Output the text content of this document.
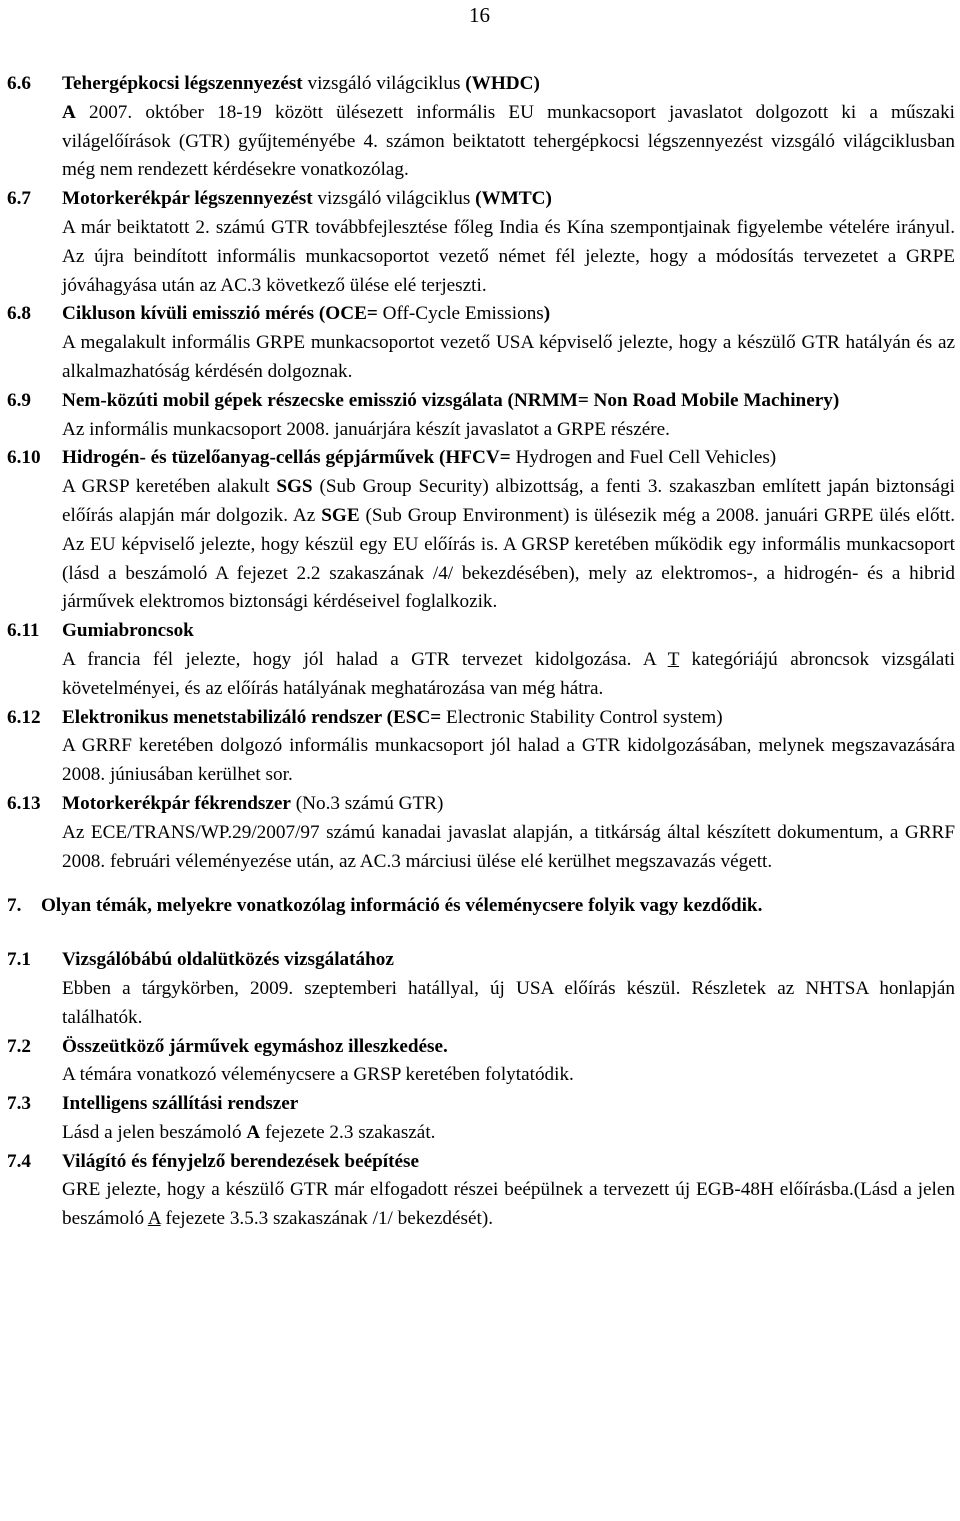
16
6.6 Tehergépkocsi légszennyezést vizsgáló világciklus (WHDC)

A 2007. október 18-19 között ülésezett informális EU munkacsoport javaslatot dolgozott ki a műszaki világelőírások (GTR) gyűjteményébe 4. számon beiktatott tehergépkocsi légszennyezést vizsgáló világciklusban még nem rendezett kérdésekre vonatkozólag.

6.7 Motorkerékpár légszennyezést vizsgáló világciklus (WMTC)

A már beiktatott 2. számú GTR továbbfejlesztése főleg India és Kína szempontjainak figyelembe vételére irányul. Az újra beindított informális munkacsoportot vezető német fél jelezte, hogy a módosítás tervezetet a GRPE jóváhagyása után az AC.3 következő ülése elé terjeszti.

6.8 Cikluson kívüli emisszió mérés (OCE= Off-Cycle Emissions)

A megalakult informális GRPE munkacsoportot vezető USA képviselő jelezte, hogy a készülő GTR hatályán és az alkalmazhatóság kérdésén dolgoznak.

6.9 Nem-közúti mobil gépek részecske emisszió vizsgálata (NRMM= Non Road Mobile Machinery)

Az informális munkacsoport 2008. januárjára készít javaslatot a GRPE részére.

6.10 Hidrogén- és tüzelőanyag-cellás gépjárművek (HFCV= Hydrogen and Fuel Cell Vehicles)

A GRSP keretében alakult SGS (Sub Group Security) albizottság, a fenti 3. szakaszban említett japán biztonsági előírás alapján már dolgozik. Az SGE (Sub Group Environment) is ülésezik még a 2008. januári GRPE ülés előtt. Az EU képviselő jelezte, hogy készül egy EU előírás is. A GRSP keretében működik egy informális munkacsoport (lásd a beszámoló A fejezet 2.2 szakaszának /4/ bekezdésében), mely az elektromos-, a hidrogén- és a hibrid járművek elektromos biztonsági kérdéseivel foglalkozik.

6.11 Gumiabroncsok

A francia fél jelezte, hogy jól halad a GTR tervezet kidolgozása. A T kategóriájú abroncsok vizsgálati követelményei, és az előírás hatályának meghatározása van még hátra.

6.12 Elektronikus menetstabilizáló rendszer (ESC= Electronic Stability Control system)

A GRRF keretében dolgozó informális munkacsoport jól halad a GTR kidolgozásában, melynek megszavazására 2008. júniusában kerülhet sor.

6.13 Motorkerékpár fékrendszer (No.3 számú GTR)

Az ECE/TRANS/WP.29/2007/97 számú kanadai javaslat alapján, a titkárság által készített dokumentum, a GRRF 2008. februári véleményezése után, az AC.3 márciusi ülése elé kerülhet megszavazás végett.

7. Olyan témák, melyekre vonatkozólag információ és véleménycsere folyik vagy kezdődik.

7.1 Vizsgálóbábú oldalütközés vizsgálatához

Ebben a tárgykörben, 2009. szeptemberi hatállyal, új USA előírás készül. Részletek az NHTSA honlapján találhatók.

7.2 Összeütköző járművek egymáshoz illeszkedése.

A témára vonatkozó véleménycsere a GRSP keretében folytatódik.

7.3 Intelligens szállítási rendszer

Lásd a jelen beszámoló A fejezete 2.3 szakaszát.

7.4 Világító és fényjelző berendezések beépítése

GRE jelezte, hogy a készülő GTR már elfogadott részei beépülnek a tervezett új EGB-48H előírásba.(Lásd a jelen beszámoló A fejezete 3.5.3 szakaszának /1/ bekezdését).
